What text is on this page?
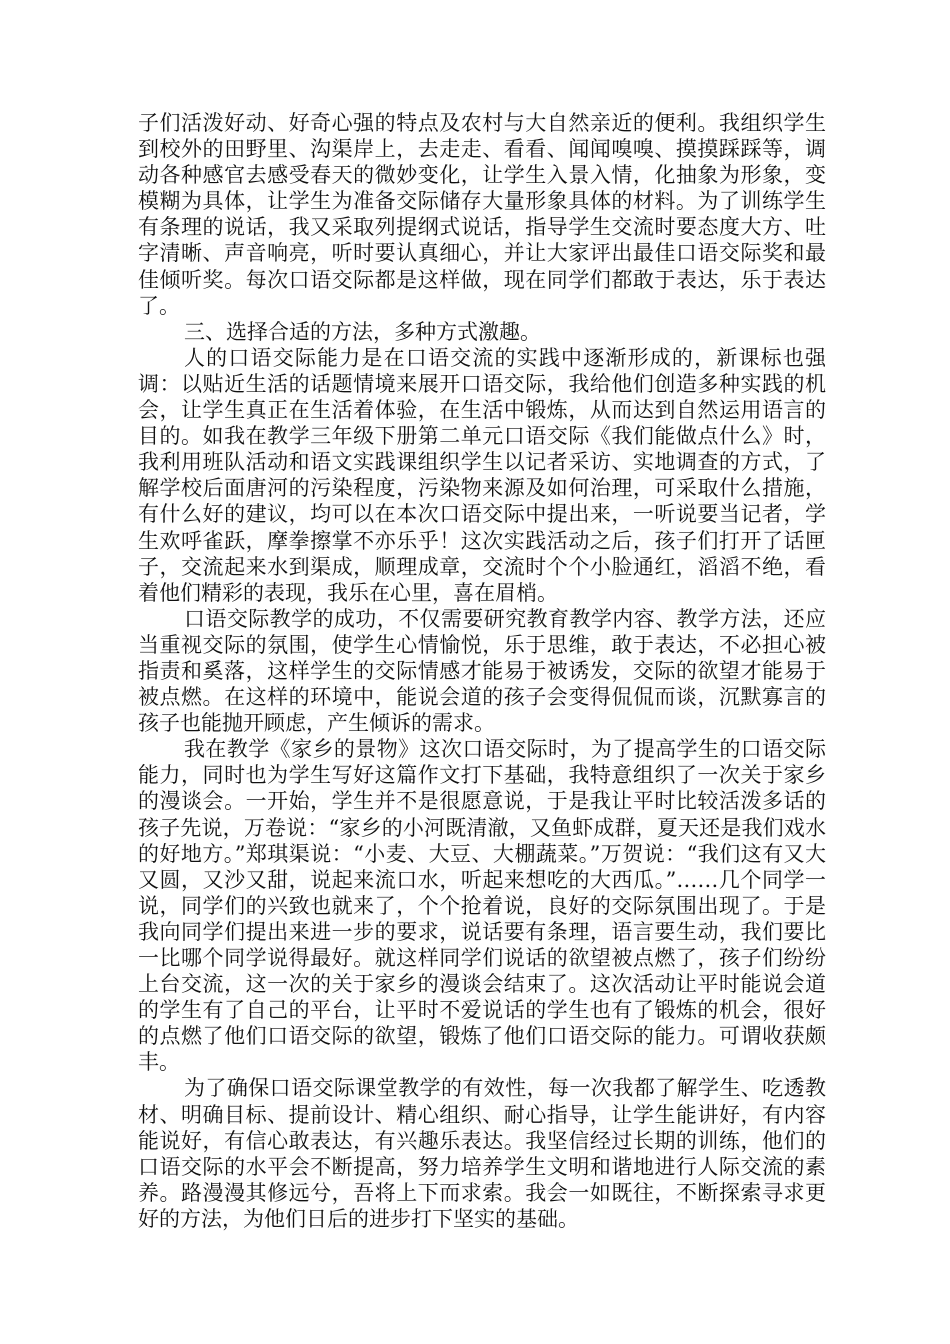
子们活泼好动、好奇心强的特点及农村与大自然亲近的便利。我组织学生到校外的田野里、沟渠岸上，去走走、看看、闻闻嗅嗅、摸摸踩踩等，调动各种感官去感受春天的微妙变化，让学生入景入情，化抽象为形象，变模糊为具体，让学生为准备交际储存大量形象具体的材料。为了训练学生有条理的说话，我又采取列提纲式说话，指导学生交流时要态度大方、吐字清晰、声音响亮，听时要认真细心，并让大家评出最佳口语交际奖和最佳倾听奖。每次口语交际都是这样做，现在同学们都敢于表达，乐于表达了。

三、选择合适的方法，多种方式激趣。

人的口语交际能力是在口语交流的实践中逐渐形成的，新课标也强调：以贴近生活的话题情境来展开口语交际，我给他们创造多种实践的机会，让学生真正在生活着体验，在生活中锻炼，从而达到自然运用语言的目的。如我在教学三年级下册第二单元口语交际《我们能做点什么》时，我利用班队活动和语文实践课组织学生以记者采访、实地调查的方式，了解学校后面唐河的污染程度，污染物来源及如何治理，可采取什么措施，有什么好的建议，均可以在本次口语交际中提出来，一听说要当记者，学生欢呼雀跃，摩拳擦掌不亦乐乎！这次实践活动之后，孩子们打开了话匣子，交流起来水到渠成，顺理成章，交流时个个小脸通红，滔滔不绝，看着他们精彩的表现，我乐在心里，喜在眉梢。

口语交际教学的成功，不仅需要研究教育教学内容、教学方法，还应当重视交际的氛围，使学生心情愉悦，乐于思维，敢于表达，不必担心被指责和奚落，这样学生的交际情感才能易于被诱发，交际的欲望才能易于被点燃。在这样的环境中，能说会道的孩子会变得侃侃而谈，沉默寡言的孩子也能抛开顾虑，产生倾诉的需求。

我在教学《家乡的景物》这次口语交际时，为了提高学生的口语交际能力，同时也为学生写好这篇作文打下基础，我特意组织了一次关于家乡的漫谈会。一开始，学生并不是很愿意说，于是我让平时比较活泼多话的孩子先说，万卷说：“家乡的小河既清澈，又鱼虾成群，夏天还是我们戏水的好地方。”郑琪渠说：“小麦、大豆、大棚蔬菜。”万贺说：“我们这有又大又圆，又沙又甜，说起来流口水，听起来想吃的大西瓜。”……几个同学一说，同学们的兴致也就来了，个个抢着说，良好的交际氛围出现了。于是我向同学们提出来进一步的要求，说话要有条理，语言要生动，我们要比一比哪个同学说得最好。就这样同学们说话的欲望被点燃了，孩子们纷纷上台交流，这一次的关于家乡的漫谈会结束了。这次活动让平时能说会道的学生有了自己的平台，让平时不爱说话的学生也有了锻炼的机会，很好的点燃了他们口语交际的欲望，锻炼了他们口语交际的能力。可谓收获颇丰。

为了确保口语交际课堂教学的有效性，每一次我都了解学生、吃透教材、明确目标、提前设计、精心组织、耐心指导，让学生能讲好，有内容能说好，有信心敢表达，有兴趣乐表达。我坚信经过长期的训练，他们的口语交际的水平会不断提高，努力培养学生文明和谐地进行人际交流的素养。路漫漫其修远兮，吾将上下而求索。我会一如既往，不断探索寻求更好的方法，为他们日后的进步打下坚实的基础。
